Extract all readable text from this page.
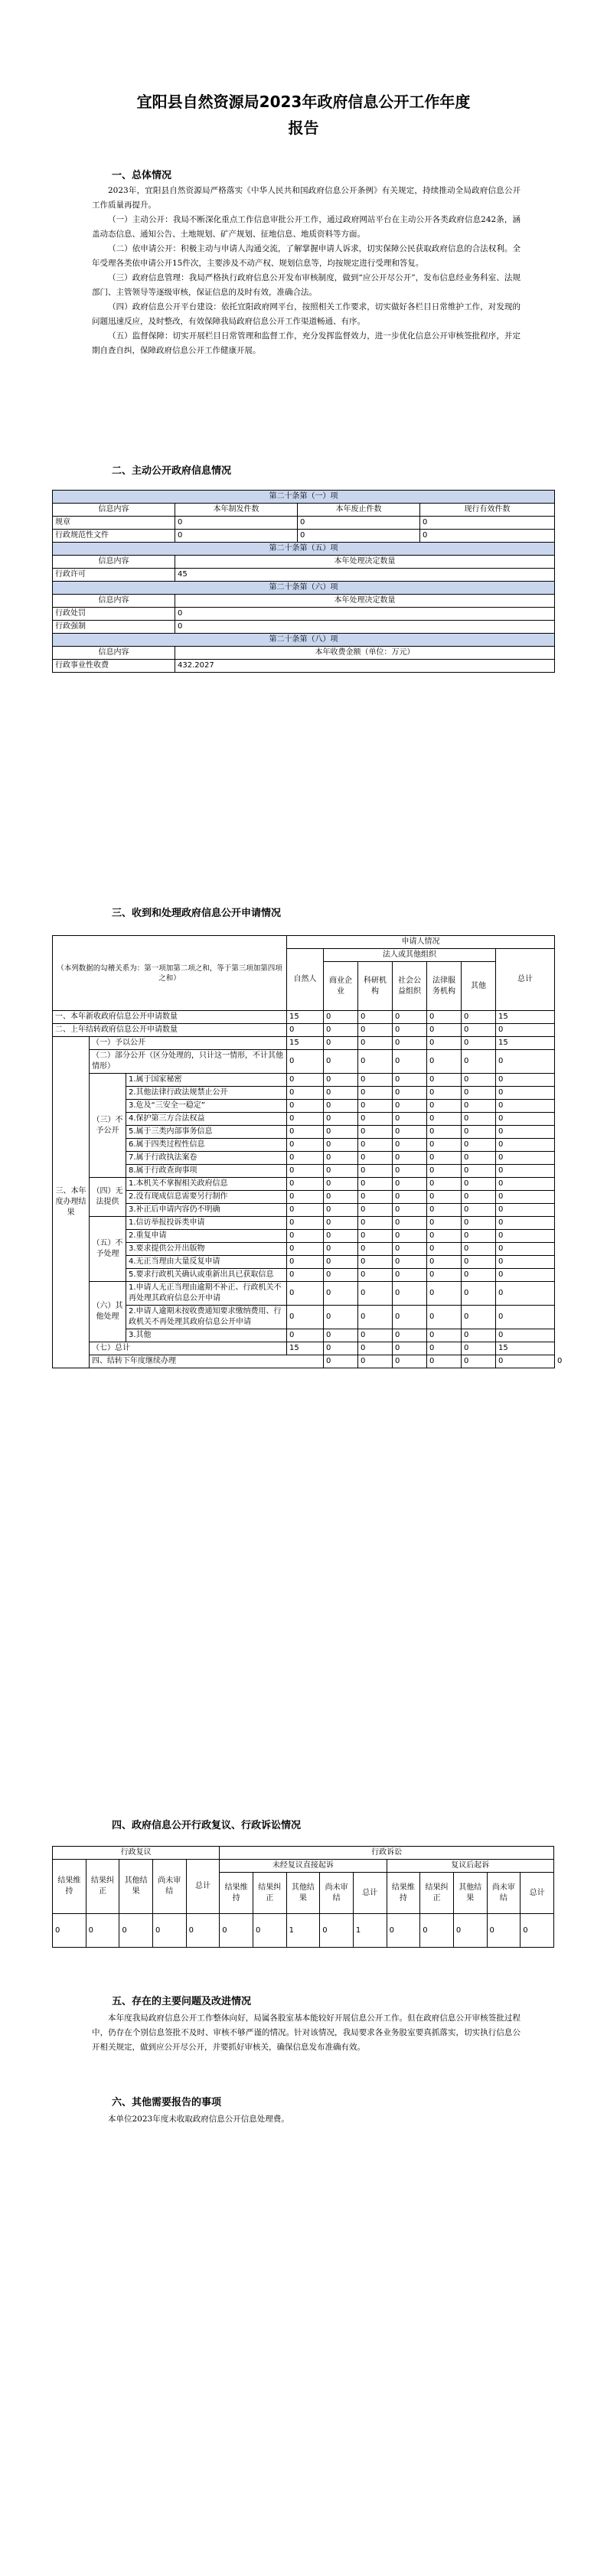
宜阳县自然资源局2023年政府信息公开工作年度
报告
一、总体情况
2023年，宜阳县自然资源局严格落实《中华人民共和国政府信息公开条例》有关规定，持续推动全局政府信息公开工作质量再提升。
（一）主动公开：我局不断深化重点工作信息审批公开工作，通过政府网站平台在主动公开各类政府信息242条，涵盖动态信息、通知公告、土地规划、矿产规划、征地信息、地质资料等方面。
（二）依申请公开：积极主动与申请人沟通交流，了解掌握申请人诉求，切实保障公民获取政府信息的合法权利。全年受理各类依申请公开15件次，主要涉及不动产权、规划信息等，均按规定进行受理和答复。
（三）政府信息管理：我局严格执行政府信息公开发布审核制度，做到“应公开尽公开”，发布信息经业务科室、法规部门、主管领导等逐级审核，保证信息的及时有效，准确合法。
（四）政府信息公开平台建设：依托宜阳政府网平台，按照相关工作要求，切实做好各栏目日常维护工作，对发现的问题迅速反应，及时整改，有效保障我局政府信息公开工作渠道畅通、有序。
（五）监督保障：切实开展栏目日常管理和监督工作，充分发挥监督效力，进一步优化信息公开审核签批程序，并定期自查自纠，保障政府信息公开工作健康开展。
二、主动公开政府信息情况
第二十条第（一）项			
信息内容	本年制发件数	本年废止件数	现行有效件数
规章	0	0	0
行政规范性文件	0	0	0
第二十条第（五）项			
信息内容	本年处理决定数量		
行政许可	45		
第二十条第（六）项			
信息内容	本年处理决定数量		
行政处罚	0		
行政强制	0		
第二十条第（八）项			
信息内容	本年收费金额（单位：万元）		
行政事业性收费	432.2027		
三、收到和处理政府信息公开申请情况
（本列数据的勾稽关系为：第一项加第二项之和，等于第三项加第四项之和）			申请人情况							
			自然人	法人或其他组织					总计	
				商业企业	科研机构	社会公益组织	法律服务机构	其他		
一、本年新收政府信息公开申请数量			15	0	0	0	0	0	15	
二、上年结转政府信息公开申请数量			0	0	0	0	0	0	0	
三、本年度办理结果	（一）予以公开		15	0	0	0	0	0	15	
	（二）部分公开（区分处理的，只计这一情形，不计其他情形）		0	0	0	0	0	0	0	
	（三）不予公开	1.属于国家秘密	0	0	0	0	0	0	0	
		2.其他法律行政法规禁止公开	0	0	0	0	0	0	0	
		3.危及“三安全一稳定”	0	0	0	0	0	0	0	
		4.保护第三方合法权益	0	0	0	0	0	0	0	
		5.属于三类内部事务信息	0	0	0	0	0	0	0	
		6.属于四类过程性信息	0	0	0	0	0	0	0	
		7.属于行政执法案卷	0	0	0	0	0	0	0	
		8.属于行政查询事项	0	0	0	0	0	0	0	
	（四）无法提供	1.本机关不掌握相关政府信息	0	0	0	0	0	0	0	
		2.没有现成信息需要另行制作	0	0	0	0	0	0	0	
		3.补正后申请内容仍不明确	0	0	0	0	0	0	0	
	（五）不予处理	1.信访举报投诉类申请	0	0	0	0	0	0	0	
		2.重复申请	0	0	0	0	0	0	0	
		3.要求提供公开出版物	0	0	0	0	0	0	0	
		4.无正当理由大量反复申请	0	0	0	0	0	0	0	
		5.要求行政机关确认或重新出具已获取信息	0	0	0	0	0	0	0	
	（六）其他处理	1.申请人无正当理由逾期不补正、行政机关不再处理其政府信息公开申请	0	0	0	0	0	0	0	
		2.申请人逾期未按收费通知要求缴纳费用、行政机关不再处理其政府信息公开申请	0	0	0	0	0	0	0	
		3.其他	0	0	0	0	0	0	0	
	（七）总计		15	0	0	0	0	0	15	
	四、结转下年度继续办理			0	0	0	0	0	0	0
四、政府信息公开行政复议、行政诉讼情况
行政复议					行政诉讼									
结果维持	结果纠正	其他结果	尚未审结	总计	未经复议直接起诉					复议后起诉				
					结果维持	结果纠正	其他结果	尚未审结	总计	结果维持	结果纠正	其他结果	尚未审结	总计
0	0	0	0	0	0	0	1	0	1	0	0	0	0	0
五、存在的主要问题及改进情况
本年度我局政府信息公开工作整体向好，局属各股室基本能较好开展信息公开工作。但在政府信息公开审核签批过程中，仍存在个别信息签批不及时、审核不够严谨的情况。针对该情况，我局要求各业务股室要真抓落实，切实执行信息公开相关规定，做到应公开尽公开，并要抓好审核关，确保信息发布准确有效。
六、其他需要报告的事项
本单位2023年度未收取政府信息公开信息处理费。
